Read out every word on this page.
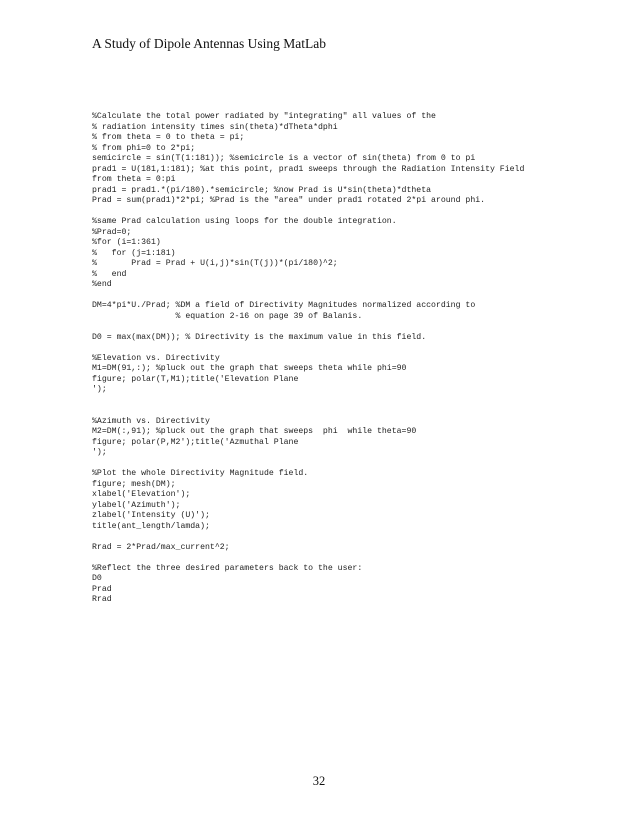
A Study of Dipole Antennas Using MatLab
%Calculate the total power radiated by "integrating" all values of the
% radiation intensity times sin(theta)*dTheta*dphi
% from theta = 0 to theta = pi;
% from phi=0 to 2*pi;
semicircle = sin(T(1:181)); %semicircle is a vector of sin(theta) from 0 to pi
prad1 = U(181,1:181); %at this point, prad1 sweeps through the Radiation Intensity Field
from theta = 0:pi
prad1 = prad1.*(pi/180).*semicircle; %now Prad is U*sin(theta)*dtheta
Prad = sum(prad1)*2*pi; %Prad is the "area" under prad1 rotated 2*pi around phi.
%same Prad calculation using loops for the double integration.
%Prad=0;
%for (i=1:361)
%   for (j=1:181)
%       Prad = Prad + U(i,j)*sin(T(j))*(pi/180)^2;
%   end
%end
DM=4*pi*U./Prad; %DM a field of Directivity Magnitudes normalized according to
% equation 2-16 on page 39 of Balanis.
D0 = max(max(DM)); % Directivity is the maximum value in this field.
%Elevation vs. Directivity
M1=DM(91,:); %pluck out the graph that sweeps theta while phi=90
figure; polar(T,M1);title('Elevation Plane
');
%Azimuth vs. Directivity
M2=DM(:,91); %pluck out the graph that sweeps  phi  while theta=90
figure; polar(P,M2');title('Azmuthal Plane
');
%Plot the whole Directivity Magnitude field.
figure; mesh(DM);
xlabel('Elevation');
ylabel('Azimuth');
zlabel('Intensity (U)');
title(ant_length/lamda);
Rrad = 2*Prad/max_current^2;
%Reflect the three desired parameters back to the user:
D0
Prad
Rrad
32
